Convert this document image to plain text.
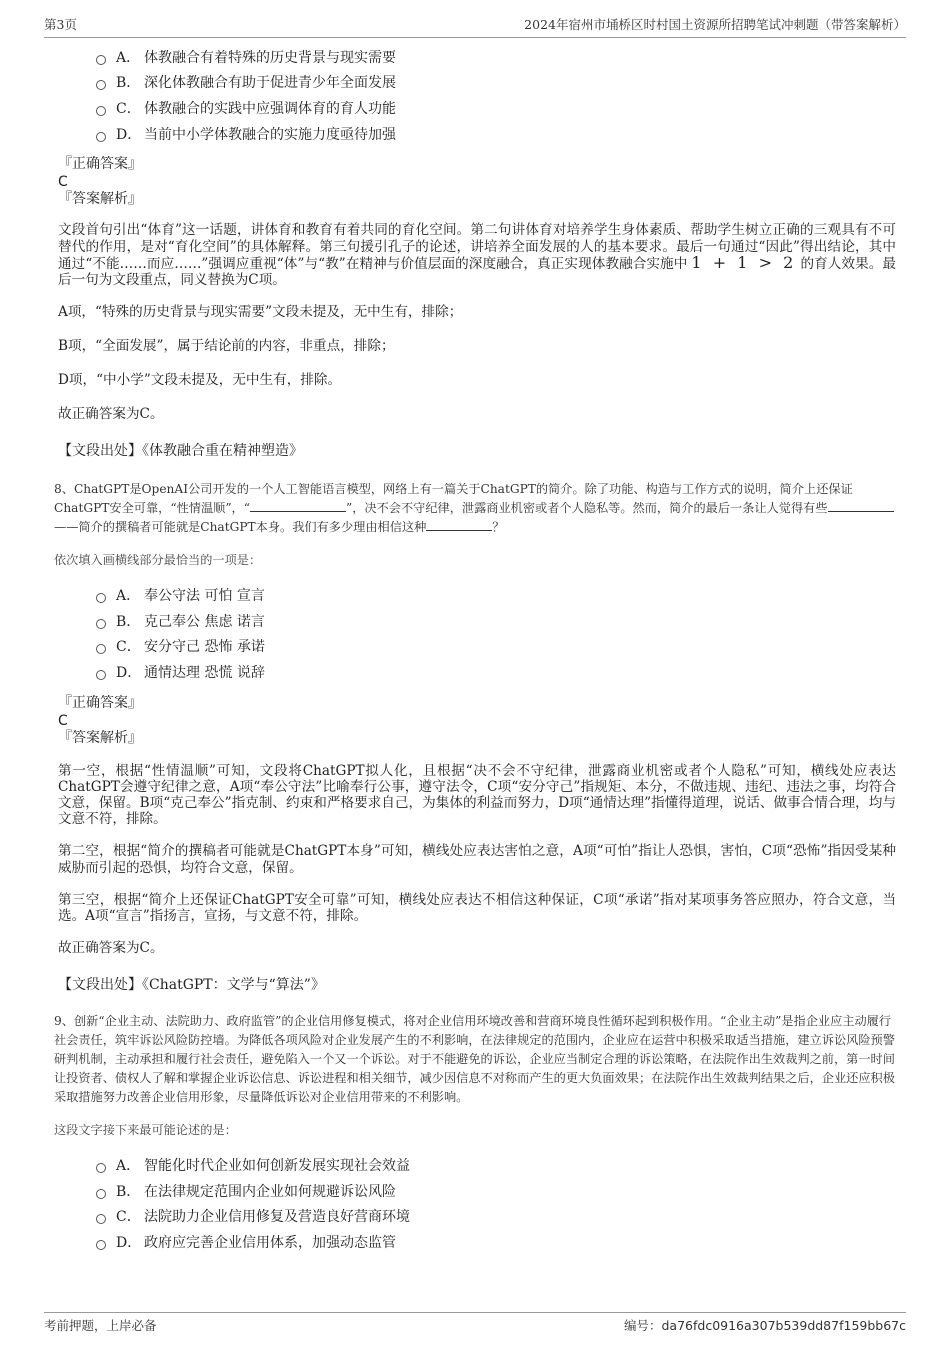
第3页	2024年宿州市埇桥区时村国土资源所招聘笔试冲刺题（带答案解析）
A． 体教融合有着特殊的历史背景与现实需要
B． 深化体教融合有助于促进青少年全面发展
C． 体教融合的实践中应强调体育的育人功能
D． 当前中小学体教融合的实施力度亟待加强
『正确答案』
C
『答案解析』
文段首句引出“体育”这一话题，讲体育和教育有着共同的育化空间。第二句讲体育对培养学生身体素质、帮助学生树立正确的三观具有不可替代的作用，是对“育化空间”的具体解释。第三句援引孔子的论述，讲培养全面发展的人的基本要求。最后一句通过“因此”得出结论，其中通过“不能……而应……”强调应重视“体”与“教”在精神与价值层面的深度融合，真正实现体教融合实施中 1 + 1 > 2 的育人效果。最后一句为文段重点，同义替换为C项。
A项，“特殊的历史背景与现实需要”文段未提及，无中生有，排除；
B项，“全面发展”，属于结论前的内容，非重点，排除；
D项，“中小学”文段未提及，无中生有，排除。
故正确答案为C。
【文段出处】《体教融合重在精神塑造》
8、ChatGPT是OpenAI公司开发的一个人工智能语言模型，网络上有一篇关于ChatGPT的简介。除了功能、构造与工作方式的说明，简介上还保证ChatGPT安全可靠，“性情温顺”，“	”，决不会不守纪律，泄露商业机密或者个人隐私等。然而，简介的最后一条让人觉得有些——简介的撰稿者可能就是ChatGPT本身。我们有多少理由相信这种	？
依次填入画横线部分最恰当的一项是：
A． 奉公守法 可怕 宣言
B． 克己奉公 焦虑 诺言
C． 安分守己 恐怖 承诺
D． 通情达理 恐慌 说辞
『正确答案』
C
『答案解析』
第一空，根据“性情温顺”可知，文段将ChatGPT拟人化，且根据“决不会不守纪律，泄露商业机密或者个人隐私”可知，横线处应表达ChatGPT会遵守纪律之意，A项“奉公守法”比喻奉行公事，遵守法令，C项“安分守己”指规矩、本分，不做违规、违纪、违法之事，均符合文意，保留。B项“克己奉公”指克制、约束和严格要求自己，为集体的利益而努力，D项“通情达理”指懂得道理，说话、做事合情合理，均与文意不符，排除。
第二空，根据“简介的撰稿者可能就是ChatGPT本身”可知，横线处应表达害怕之意，A项“可怕”指让人恐惧，害怕，C项“恐怖”指因受某种威胁而引起的恐惧，均符合文意，保留。
第三空，根据“简介上还保证ChatGPT安全可靠”可知，横线处应表达不相信这种保证，C项“承诺”指对某项事务答应照办，符合文意，当选。A项“宣言”指扬言，宣扬，与文意不符，排除。
故正确答案为C。
【文段出处】《ChatGPT：文学与“算法”》
9、创新“企业主动、法院助力、政府监管”的企业信用修复模式，将对企业信用环境改善和营商环境良性循环起到积极作用。“企业主动”是指企业应主动履行社会责任，筑牢诉讼风险防控墙。为降低各项风险对企业发展产生的不利影响，在法律规定的范围内，企业应在运营中积极采取适当措施，建立诉讼风险预警研判机制，主动承担和履行社会责任，避免陷入一个又一个诉讼。对于不能避免的诉讼，企业应当制定合理的诉讼策略，在法院作出生效裁判之前，第一时间让投资者、债权人了解和掌握企业诉讼信息、诉讼进程和相关细节，减少因信息不对称而产生的更大负面效果；在法院作出生效裁判结果之后，企业还应积极采取措施努力改善企业信用形象，尽量降低诉讼对企业信用带来的不利影响。
这段文字接下来最可能论述的是：
A． 智能化时代企业如何创新发展实现社会效益
B． 在法律规定范围内企业如何规避诉讼风险
C． 法院助力企业信用修复及营造良好营商环境
D． 政府应完善企业信用体系，加强动态监管
考前押题，上岸必备	编号：da76fdc0916a307b539dd87f159bb67c
